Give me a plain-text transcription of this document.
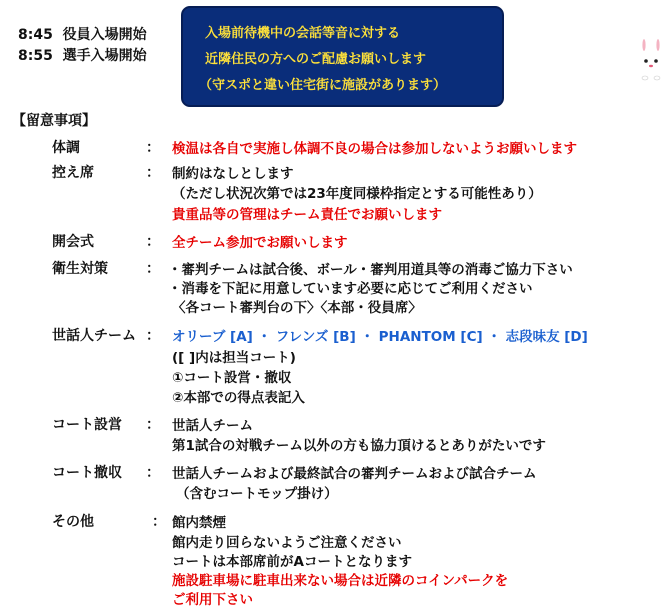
8:45 役員入場開始
8:55 選手入場開始
入場前待機中の会話等音に対する
近隣住民の方へのご配慮お願いします
（守スポと違い住宅街に施設があります）
【留意事項】
体調	： 検温は各自で実施し体調不良の場合は参加しないようお願いします
控え席	： 制約はなしとします
（ただし状況次第では23年度同様枠指定とする可能性あり）
貴重品等の管理はチーム責任でお願いします
開会式	： 全チーム参加でお願いします
衛生対策	： ・審判チームは試合後、ボール・審判用道具等の消毒ご協力下さい
・消毒を下記に用意しています必要に応じてご利用ください
〈各コート審判台の下〉〈本部・役員席〉
世話人チーム ： オリーブ [A] ・ フレンズ [B] ・ PHANTOM [C] ・ 志段味友 [D]
([ ]内は担当コート)
①コート設営・撤収
②本部での得点表記入
コート設営 ： 世話人チーム
第1試合の対戦チーム以外の方も協力頂けるとありがたいです
コート撤収 ： 世話人チームおよび最終試合の審判チームおよび試合チーム
（含むコートモップ掛け）
その他	： 館内禁煙
館内走り回らないようご注意ください
コートは本部席前がAコートとなります
施設駐車場に駐車出来ない場合は近隣のコインパークを
ご利用下さい
